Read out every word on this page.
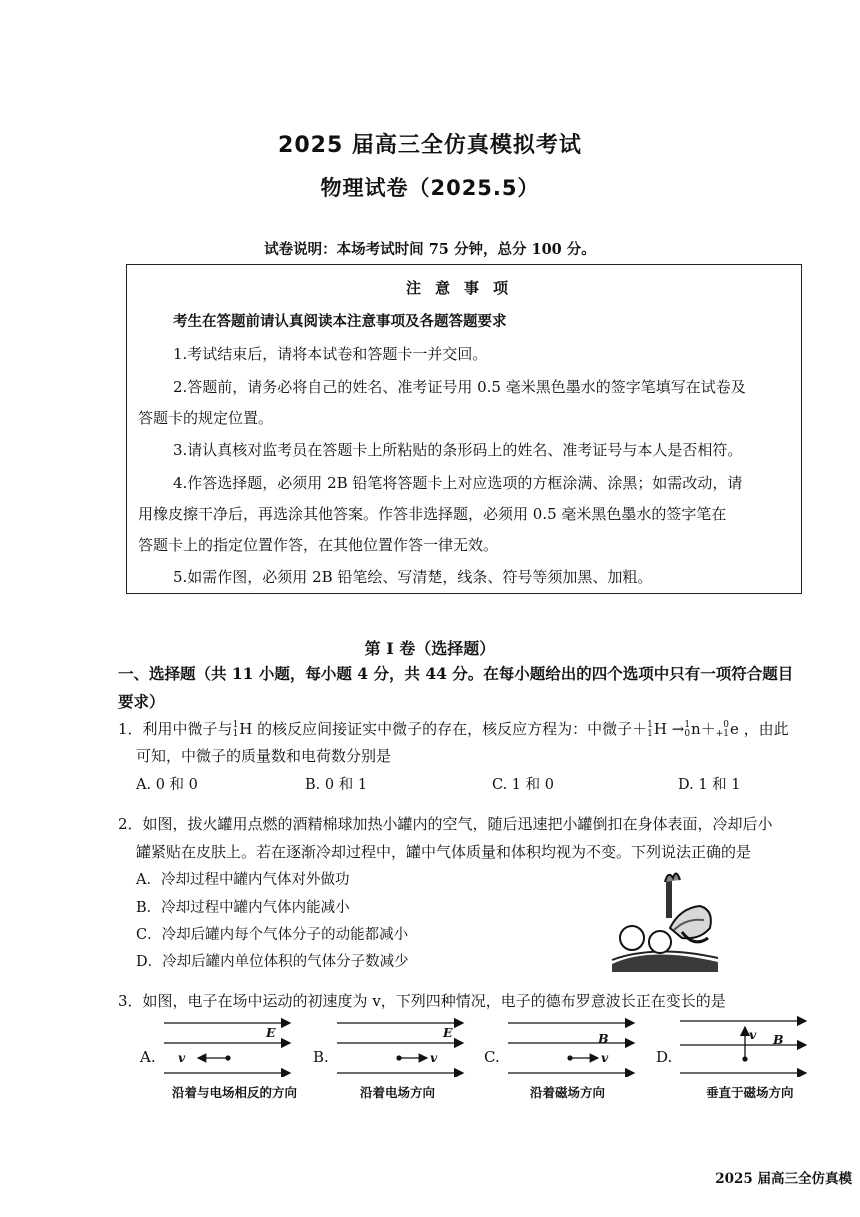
2025 届高三全仿真模拟考试
物理试卷（2025.5）
试卷说明：本场考试时间 75 分钟，总分 100 分。
注意事项
考生在答题前请认真阅读本注意事项及各题答题要求
1.考试结束后，请将本试卷和答题卡一并交回。
2.答题前，请务必将自己的姓名、准考证号用 0.5 毫米黑色墨水的签字笔填写在试卷及
答题卡的规定位置。
3.请认真核对监考员在答题卡上所粘贴的条形码上的姓名、准考证号与本人是否相符。
4.作答选择题，必须用 2B 铅笔将答题卡上对应选项的方框涂满、涂黑；如需改动，请
用橡皮擦干净后，再选涂其他答案。作答非选择题，必须用 0.5 毫米黑色墨水的签字笔在
答题卡上的指定位置作答，在其他位置作答一律无效。
5.如需作图，必须用 2B 铅笔绘、写清楚，线条、符号等须加黑、加粗。
第 I 卷（选择题）
一、选择题（共 11 小题，每小题 4 分，共 44 分。在每小题给出的四个选项中只有一项符合题目
要求）
1．利用中微子与1
1H 的核反应间接证实中微子的存在，核反应方程为：中微子＋1
1H →1
0n＋ 0
+1e ，由此
可知，中微子的质量数和电荷数分别是
A. 0 和 0	B. 0 和 1	C. 1 和 0	D. 1 和 1
2．如图，拔火罐用点燃的酒精棉球加热小罐内的空气，随后迅速把小罐倒扣在身体表面，冷却后小
罐紧贴在皮肤上。若在逐渐冷却过程中，罐中气体质量和体积均视为不变。下列说法正确的是
A．冷却过程中罐内气体对外做功
B．冷却过程中罐内气体内能减小
C．冷却后罐内每个气体分子的动能都减小
D．冷却后罐内单位体积的气体分子数减少
3．如图，电子在场中运动的初速度为 v，下列四种情况，电子的德布罗意波长正在变长的是
A.
E
v
沿着与电场相反的方向
B.
E
v
沿着电场方向
C.
B
v
沿着磁场方向
D.
B
v
垂直于磁场方向
2025 届高三全仿真模
